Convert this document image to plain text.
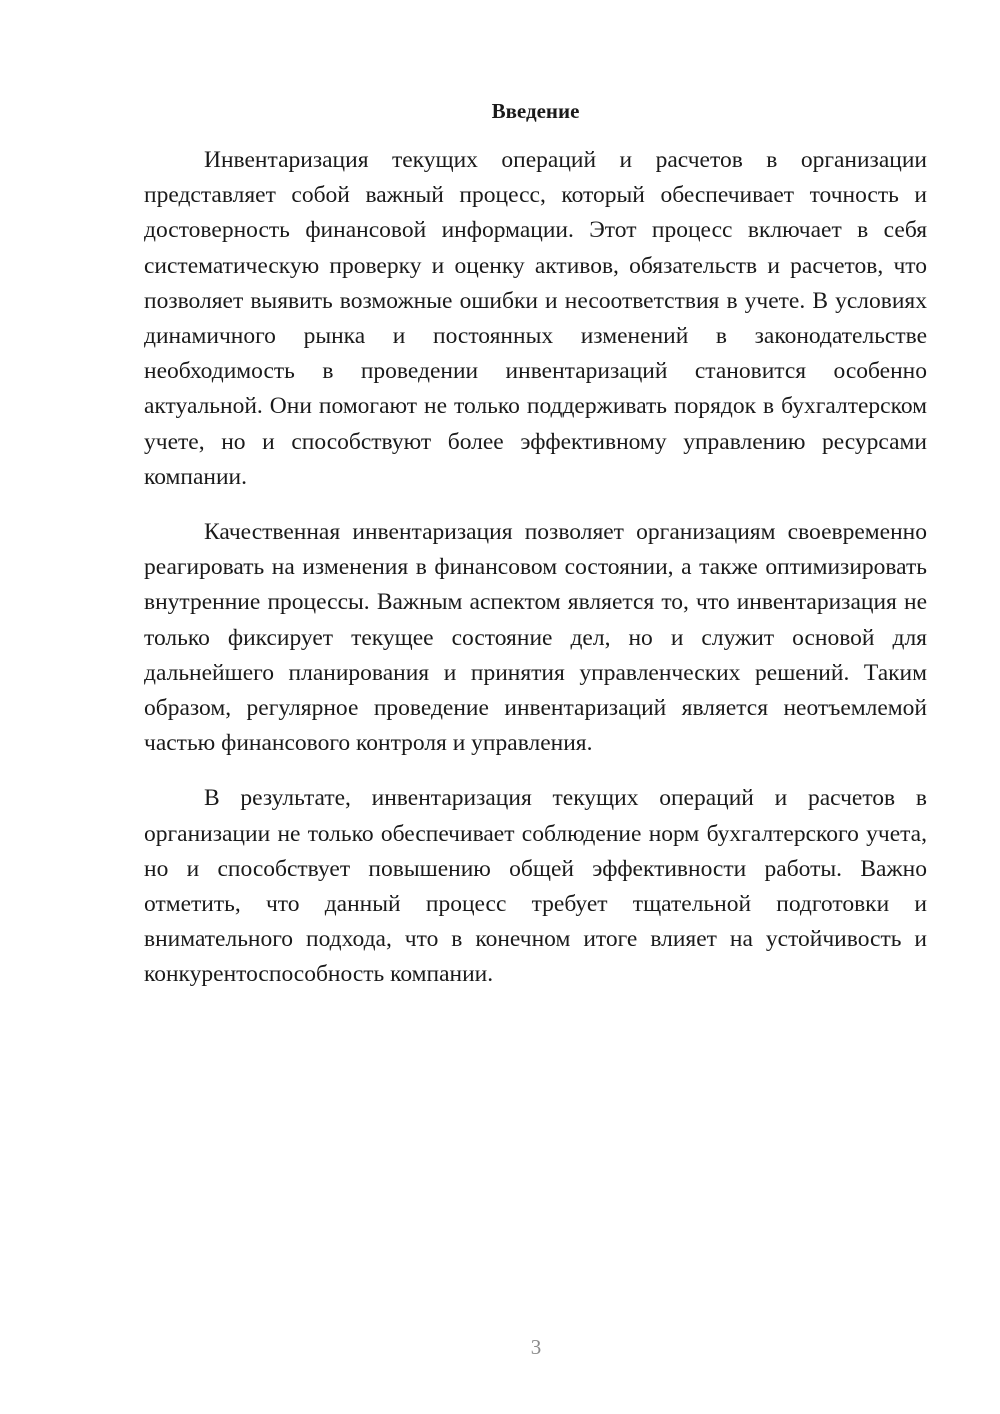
Введение

Инвентаризация текущих операций и расчетов в организации представляет собой важный процесс, который обеспечивает точность и достоверность финансовой информации. Этот процесс включает в себя систематическую проверку и оценку активов, обязательств и расчетов, что позволяет выявить возможные ошибки и несоответствия в учете. В условиях динамичного рынка и постоянных изменений в законодательстве необходимость в проведении инвентаризаций становится особенно актуальной. Они помогают не только поддерживать порядок в бухгалтерском учете, но и способствуют более эффективному управлению ресурсами компании.

Качественная инвентаризация позволяет организациям своевременно реагировать на изменения в финансовом состоянии, а также оптимизировать внутренние процессы. Важным аспектом является то, что инвентаризация не только фиксирует текущее состояние дел, но и служит основой для дальнейшего планирования и принятия управленческих решений. Таким образом, регулярное проведение инвентаризаций является неотъемлемой частью финансового контроля и управления.

В результате, инвентаризация текущих операций и расчетов в организации не только обеспечивает соблюдение норм бухгалтерского учета, но и способствует повышению общей эффективности работы. Важно отметить, что данный процесс требует тщательной подготовки и внимательного подхода, что в конечном итоге влияет на устойчивость и конкурентоспособность компании.

3
